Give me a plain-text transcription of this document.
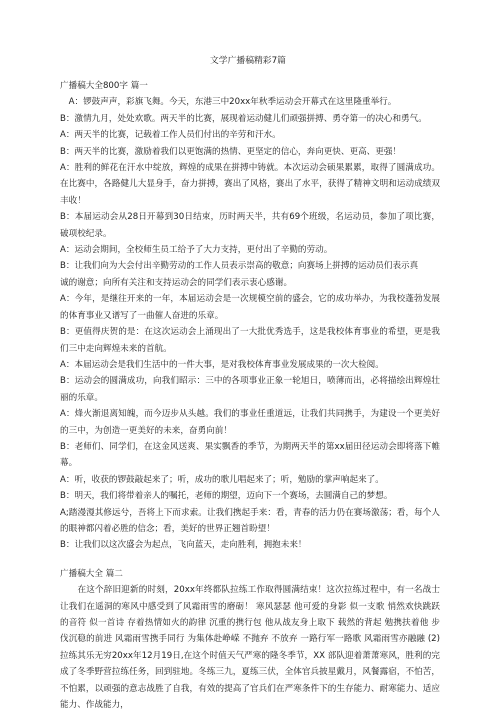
文学广播稿精彩7篇
广播稿大全800字 篇一

　A：锣鼓声声，彩旗飞舞。今天，东港三中20xx年秋季运动会开幕式在这里隆重举行。

B：激情九月，处处欢歌。两天半的比赛，展现着运动健儿们顽强拼搏、勇夺第一的决心和勇气。

A：两天半的比赛，记载着工作人员们付出的辛劳和汗水。

B：两天半的比赛，激励着我们以更饱满的热情、更坚定的信心，奔向更快、更高、更强！

A：胜利的鲜花在汗水中绽放，辉煌的成果在拼搏中铸就。本次运动会硕果累累，取得了圆满成功。在比赛中，各路健儿大显身手，奋力拼搏，赛出了风格，赛出了水平，获得了精神文明和运动成绩双丰收！

B：本届运动会从28日开幕到30日结束，历时两天半，共有69个班级，名运动员，参加了项比赛，破项校纪录。

A：运动会期间，全校师生员工给予了大力支持，更付出了辛勤的劳动。

B：让我们向为大会付出辛勤劳动的工作人员表示崇高的敬意；向赛场上拼搏的运动员们表示真

诚的谢意；向所有关注和支持运动会的同学们表示衷心感谢。

A：今年，是继往开来的一年，本届运动会是一次规模空前的盛会，它的成功举办，为我校蓬勃发展的体育事业又谱写了一曲催人奋进的乐章。

B：更值得庆贺的是：在这次运动会上涌现出了一大批优秀选手，这是我校体育事业的希望，更是我们三中走向辉煌未来的首航。

A：本届运动会是我们生活中的一件大事，是对我校体育事业发展成果的一次大检阅。

B：运动会的圆满成功，向我们昭示：三中的各项事业正象一轮旭日，喷薄而出，必将描绘出辉煌壮丽的乐章。

A：烽火渐退离知魄，而今迈步从头越。我们的事业任重道远，让我们共同携手，为建设一个更美好的三中，为创造一更美好的未来，奋勇向前！

B：老师们、同学们，在这金风送爽、果实飘香的季节，为期两天半的第xx届田径运动会即将落下帷幕。

A：听，收获的锣鼓敲起来了；听，成功的歌儿唱起来了；听，勉励的掌声响起来了。

B：明天，我们将带着亲人的嘱托，老师的期望，迈向下一个赛场，去圆满自己的梦想。

A;踏漫漫其修远兮，吾将上下而求索。让我们携起手来：看，青春的活力仍在赛场激荡；看，每个人的眼神都闪着必胜的信念；看，美好的世界正翘首盼望！

B：让我们以这次盛会为起点，飞向蓝天，走向胜利，拥抱未来！

广播稿大全 篇二

　　在这个辞旧迎新的时刻，20xx年终都队拉练工作取得圆满结束！这次拉练过程中，有一名战士让我们在遥洞的寒风中感受到了风霜雨雪的磨砺！ 寒风瑟瑟 他可爱的身影 似一支歌 悄然欢快跳跃的音符 似一首诗 存着热情如火的韵律 沉重的携行包 他从战友身上取下 载然的背起 勉携扶着他 步伐沉稳的前进 风霜雨雪携手同行 为集体赴峥嵘 不抛弃 不放弃 一路行军一路歌 风霜雨雪亦融融 (2)拉练其乐无穷20xx年12月19日,在这个时值天气严寒的隆冬季节，XX 部队迎着萧萧寒风，胜利的完成了冬季野营拉练任务，回到驻地。冬练三九，夏练三伏，全体官兵披星戴月，风餐露宿，不怕苦，不怕累，以顽强的意志战胜了自我，有效的提高了官兵们在严寒条件下的生存能力、耐寒能力、适应能力、作战能力，
